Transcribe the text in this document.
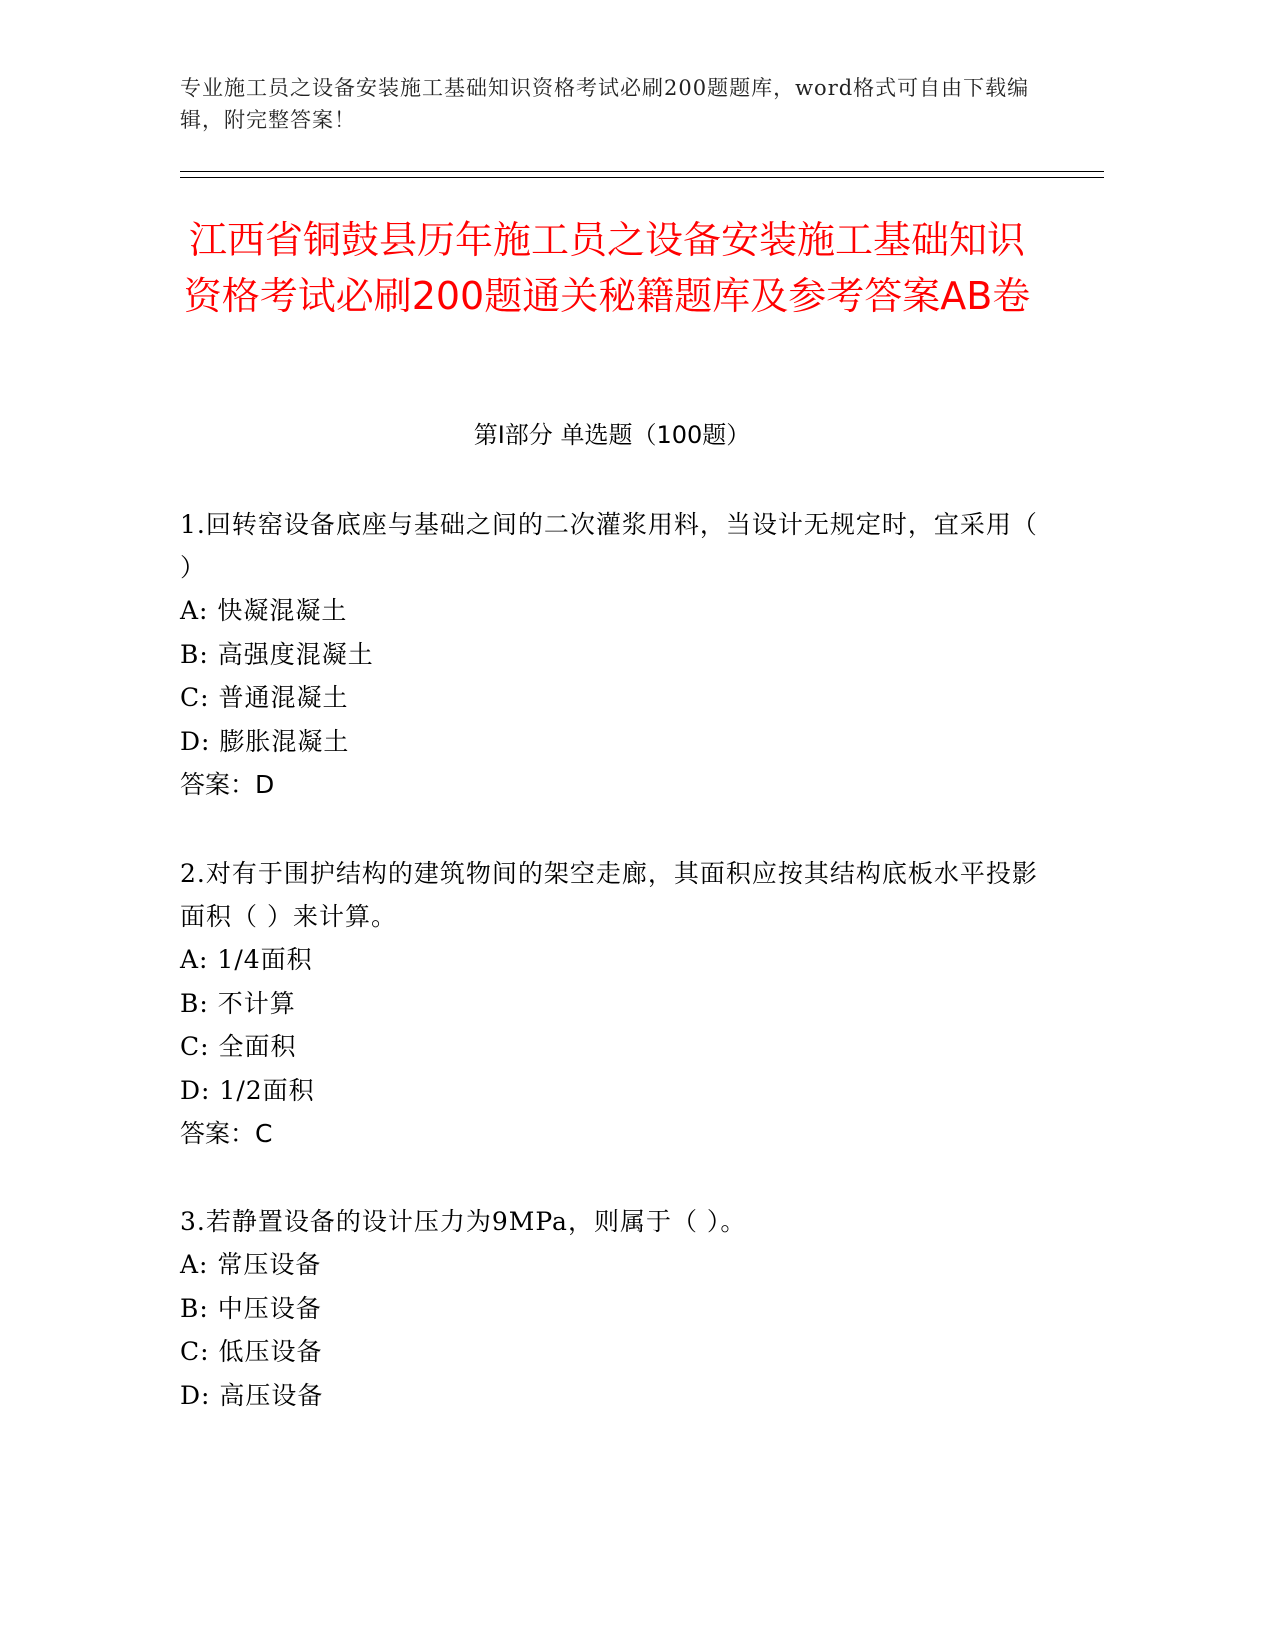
专业施工员之设备安装施工基础知识资格考试必刷200题题库，word格式可自由下载编辑，附完整答案！
江西省铜鼓县历年施工员之设备安装施工基础知识资格考试必刷200题通关秘籍题库及参考答案AB卷
第Ⅰ部分 单选题（100题）
1.回转窑设备底座与基础之间的二次灌浆用料，当设计无规定时，宜采用（ ）
A: 快凝混凝土
B: 高强度混凝土
C: 普通混凝土
D: 膨胀混凝土
答案：D
2.对有于围护结构的建筑物间的架空走廊，其面积应按其结构底板水平投影面积（ ）来计算。
A: 1/4面积
B: 不计算
C: 全面积
D: 1/2面积
答案：C
3.若静置设备的设计压力为9MPa，则属于（ ）。
A: 常压设备
B: 中压设备
C: 低压设备
D: 高压设备
